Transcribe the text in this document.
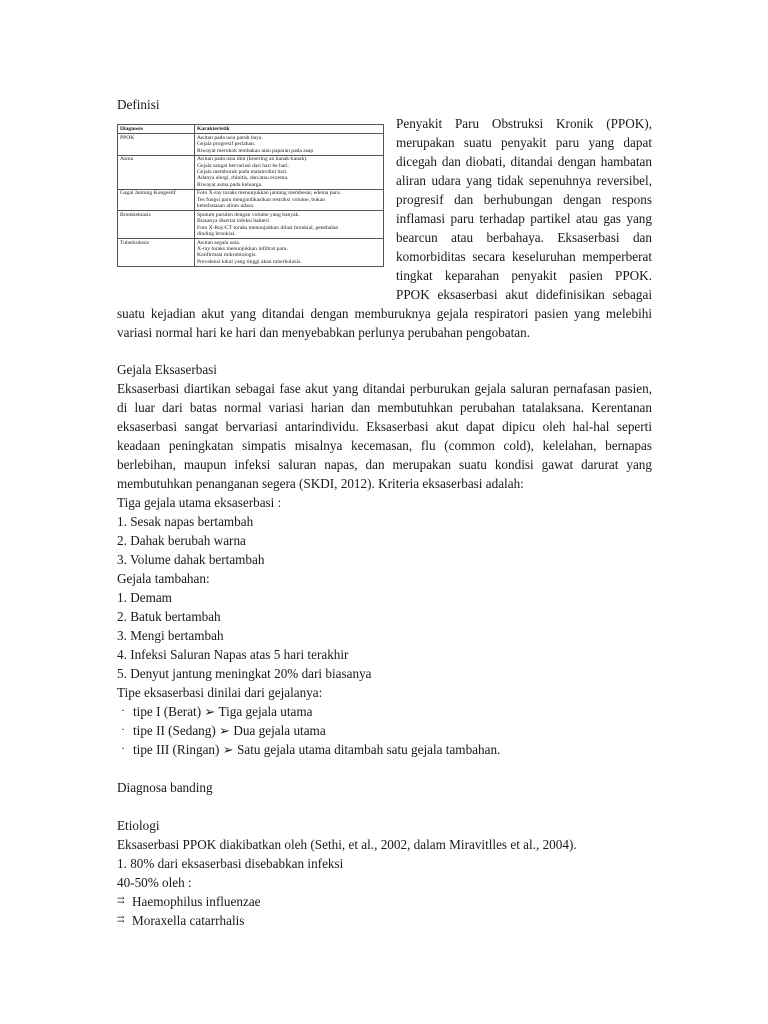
Definisi
Diagnosis	Karakteristik
PPOK	Awitan pada usia paruh baya.
Gejala progresif perlahan.
Riwayat merokok tembakau atau paparan pada asap

Asma	Awitan pada usia dini (kesering an kanak-kanak).
Gejala sangat bervariasi dari hari ke hari.
Gejala memburuk pada malam/dini hari.
Adanya alergi, rhinitis, dan/atau eczema.
Riwayat asma pada keluarga.

Gagal Jantung Kongestif	Foto X-ray toraks menunjukkan jantung membesar, edema paru.
Tes fungsi paru mengindikasikan restriksi volume, bukan
keterbatasan aliran udara.

Bronkiektasis	Sputum purulen dengan volume yang banyak.
Biasanya disertai infeksi bakteri.
Foto X-Ray/CT toraks menunjukkan dilasi bronkial, penebalan
dinding bronkial.

Tuberkulosis	Awitan segala usia.
X-ray toraks menunjukkan infiltrat paru.
Konfirmasi mikrobiologis.
Prevalensi lokal yang tinggi akan tuberkulosis.
Penyakit Paru Obstruksi Kronik (PPOK),
merupakan suatu penyakit paru yang dapat
dicegah dan diobati, ditandai dengan hambatan
aliran udara yang tidak sepenuhnya reversibel,
progresif dan berhubungan dengan respons
inflamasi paru terhadap partikel atau gas yang
bearcun atau berbahaya. Eksaserbasi dan
komorbiditas secara keseluruhan memperberat
tingkat keparahan penyakit pasien PPOK.
PPOK eksaserbasi akut didefinisikan sebagai
suatu kejadian akut yang ditandai dengan memburuknya gejala respiratori pasien yang melebihi
variasi normal hari ke hari dan menyebabkan perlunya perubahan pengobatan.
Gejala Eksaserbasi
Eksaserbasi diartikan sebagai fase akut yang ditandai perburukan gejala saluran pernafasan pasien,
di luar dari batas normal variasi harian dan membutuhkan perubahan tatalaksana. Kerentanan
eksaserbasi sangat bervariasi antarindividu. Eksaserbasi akut dapat dipicu oleh hal-hal seperti
keadaan peningkatan simpatis misalnya kecemasan, flu (common cold), kelelahan, bernapas
berlebihan, maupun infeksi saluran napas, dan merupakan suatu kondisi gawat darurat yang
membutuhkan penanganan segera (SKDI, 2012). Kriteria eksaserbasi adalah:
Tiga gejala utama eksaserbasi :
1. Sesak napas bertambah
2. Dahak berubah warna
3. Volume dahak bertambah
Gejala tambahan:
1. Demam
2. Batuk bertambah
3. Mengi bertambah
4. Infeksi Saluran Napas atas 5 hari terakhir
5. Denyut jantung meningkat 20% dari biasanya
Tipe eksaserbasi dinilai dari gejalanya:
· tipe I (Berat) ➢ Tiga gejala utama
· tipe II (Sedang) ➢ Dua gejala utama
· tipe III (Ringan) ➢ Satu gejala utama ditambah satu gejala tambahan.
Diagnosa banding
Etiologi
Eksaserbasi PPOK diakibatkan oleh (Sethi, et al., 2002, dalam Miravitlles et al., 2004).
1. 80% dari eksaserbasi disebabkan infeksi
40-50% oleh :
⇉ Haemophilus influenzae
⇉ Moraxella catarrhalis
